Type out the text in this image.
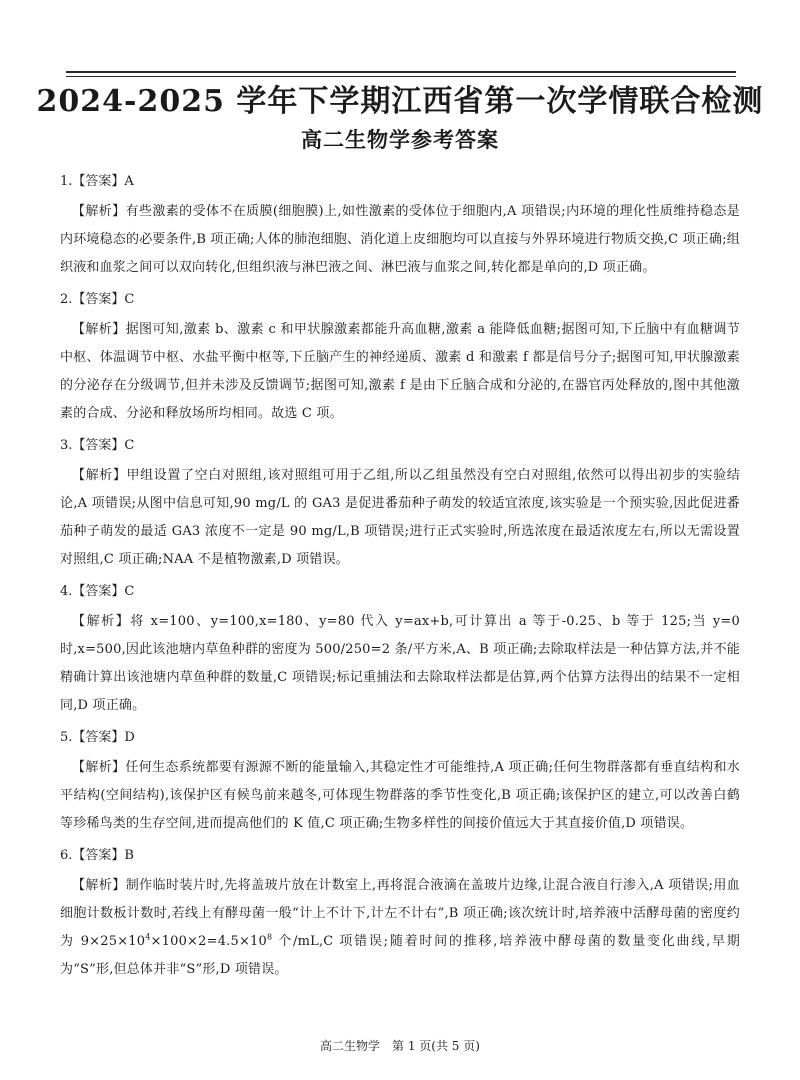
2024-2025 学年下学期江西省第一次学情联合检测
高二生物学参考答案

1.【答案】A

【解析】有些激素的受体不在质膜(细胞膜)上,如性激素的受体位于细胞内,A 项错误;内环境的理化性质维持稳态是内环境稳态的必要条件,B 项正确;人体的肺泡细胞、消化道上皮细胞均可以直接与外界环境进行物质交换,C 项正确;组织液和血浆之间可以双向转化,但组织液与淋巴液之间、淋巴液与血浆之间,转化都是单向的,D 项正确。

2.【答案】C

【解析】据图可知,激素 b、激素 c 和甲状腺激素都能升高血糖,激素 a 能降低血糖;据图可知,下丘脑中有血糖调节中枢、体温调节中枢、水盐平衡中枢等,下丘脑产生的神经递质、激素 d 和激素 f 都是信号分子;据图可知,甲状腺激素的分泌存在分级调节,但并未涉及反馈调节;据图可知,激素 f 是由下丘脑合成和分泌的,在器官丙处释放的,图中其他激素的合成、分泌和释放场所均相同。故选 C 项。

3.【答案】C

【解析】甲组设置了空白对照组,该对照组可用于乙组,所以乙组虽然没有空白对照组,依然可以得出初步的实验结论,A 项错误;从图中信息可知,90 mg/L 的 GA3 是促进番茄种子萌发的较适宜浓度,该实验是一个预实验,因此促进番茄种子萌发的最适 GA3 浓度不一定是 90 mg/L,B 项错误;进行正式实验时,所选浓度在最适浓度左右,所以无需设置对照组,C 项正确;NAA 不是植物激素,D 项错误。

4.【答案】C

【解析】将 x=100、y=100,x=180、y=80 代入 y=ax+b,可计算出 a 等于-0.25、b 等于 125;当 y=0 时,x=500,因此该池塘内草鱼种群的密度为 500/250=2 条/平方米,A、B 项正确;去除取样法是一种估算方法,并不能精确计算出该池塘内草鱼种群的数量,C 项错误;标记重捕法和去除取样法都是估算,两个估算方法得出的结果不一定相同,D 项正确。

5.【答案】D

【解析】任何生态系统都要有源源不断的能量输入,其稳定性才可能维持,A 项正确;任何生物群落都有垂直结构和水平结构(空间结构),该保护区有候鸟前来越冬,可体现生物群落的季节性变化,B 项正确;该保护区的建立,可以改善白鹤等珍稀鸟类的生存空间,进而提高他们的 K 值,C 项正确;生物多样性的间接价值远大于其直接价值,D 项错误。

6.【答案】B

【解析】制作临时装片时,先将盖玻片放在计数室上,再将混合液滴在盖玻片边缘,让混合液自行渗入,A 项错误;用血细胞计数板计数时,若线上有酵母菌一般“计上不计下,计左不计右”,B 项正确;该次统计时,培养液中活酵母菌的密度约为 $9\times 25\times 10^4\times 100\times 2=4.5\times 10^8$ 个/mL,C 项错误;随着时间的推移,培养液中酵母菌的数量变化曲线,早期为“S”形,但总体并非“S”形,D 项错误。

高二生物学　第 1 页(共 5 页)
